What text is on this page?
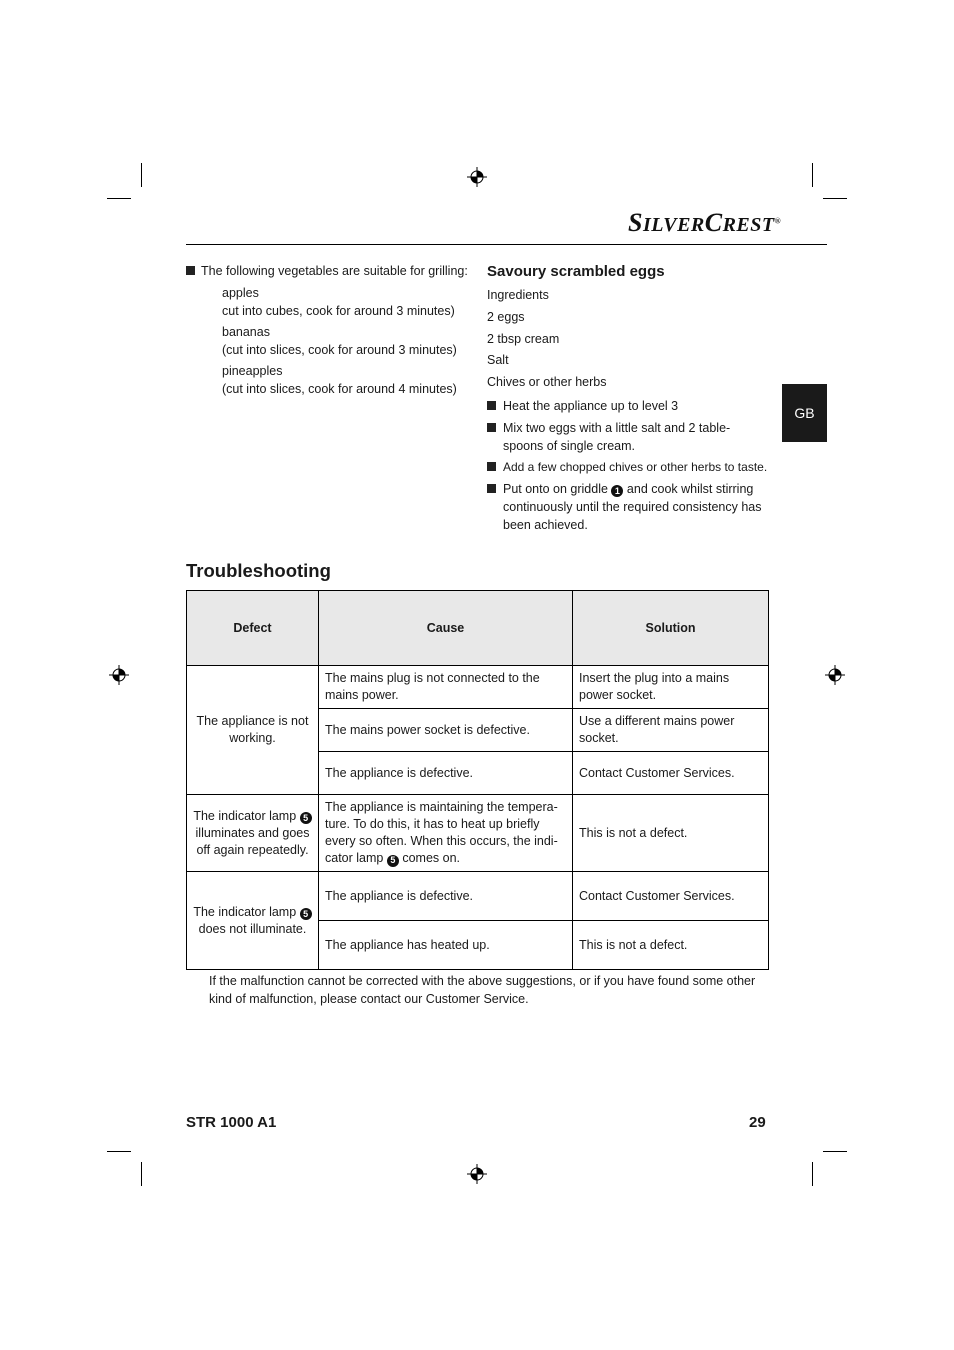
SILVERCREST®
GB
The following vegetables are suitable for grilling:
apples
cut into cubes, cook for around 3 minutes)
bananas
(cut into slices, cook for around 3 minutes)
pineapples
(cut into slices, cook for around 4 minutes)
Savoury scrambled eggs
Ingredients
2 eggs
2 tbsp cream
Salt
Chives or other herbs
Heat the appliance up to level 3
Mix two eggs with a little salt and 2 table-spoons of single cream.
Add a few chopped chives or other herbs to taste.
Put onto on griddle 1 and cook whilst stirring continuously until the required consistency has been achieved.
Troubleshooting
Defect	Cause	Solution
The appliance is not working.	The mains plug is not connected to the mains power.	Insert the plug into a mains power socket.
	The mains power socket is defective.	Use a different mains power socket.
	The appliance is defective.	Contact Customer Services.
The indicator lamp 5 illuminates and goes off again repeatedly.	The appliance is maintaining the tempera-ture. To do this, it has to heat up briefly every so often. When this occurs, the indi-cator lamp 5 comes on.	This is not a defect.
The indicator lamp 5 does not illuminate.	The appliance is defective.	Contact Customer Services.
	The appliance has heated up.	This is not a defect.
If the malfunction cannot be corrected with the above suggestions, or if you have found some other kind of malfunction, please contact our Customer Service.
STR 1000 A1	29
